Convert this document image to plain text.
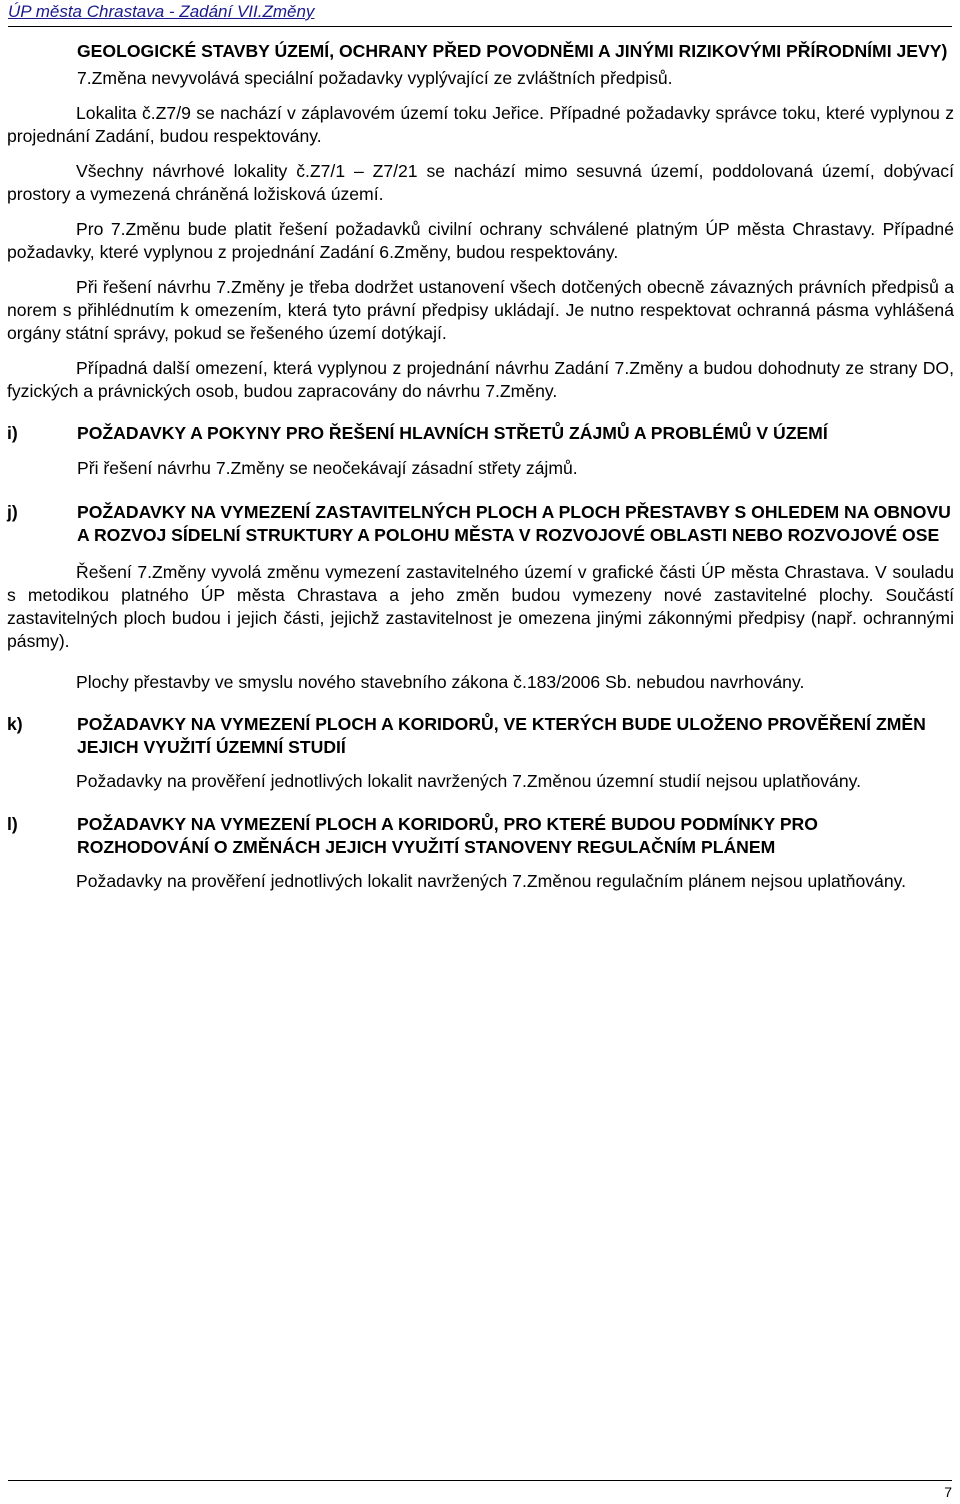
ÚP města Chrastava - Zadání VII.Změny
GEOLOGICKÉ STAVBY ÚZEMÍ, OCHRANY PŘED POVODNĚMI A JINÝMI RIZIKOVÝMI PŘÍRODNÍMI JEVY)

7.Změna nevyvolává speciální požadavky vyplývající ze zvláštních předpisů.

Lokalita č.Z7/9 se nachází v záplavovém území toku Jeřice. Případné požadavky správce toku, které vyplynou z projednání Zadání, budou respektovány.

Všechny návrhové lokality č.Z7/1 – Z7/21 se nachází mimo sesuvná území, poddolovaná území, dobývací prostory a vymezená chráněná ložisková území.

Pro 7.Změnu bude platit řešení požadavků civilní ochrany schválené platným ÚP města Chrastavy. Případné požadavky, které vyplynou z projednání Zadání 6.Změny, budou respektovány.

Při řešení návrhu 7.Změny je třeba dodržet ustanovení všech dotčených obecně závazných právních předpisů a norem s přihlédnutím k omezením, která tyto právní předpisy ukládají. Je nutno respektovat ochranná pásma vyhlášená orgány státní správy, pokud se řešeného území dotýkají.

Případná další omezení, která vyplynou z projednání návrhu Zadání 7.Změny a budou dohodnuty ze strany DO, fyzických a právnických osob, budou zapracovány do návrhu 7.Změny.

i)	POŽADAVKY A POKYNY PRO ŘEŠENÍ HLAVNÍCH STŘETŮ ZÁJMŮ A PROBLÉMŮ V ÚZEMÍ

Při řešení návrhu 7.Změny se neočekávají zásadní střety zájmů.

j)	POŽADAVKY NA VYMEZENÍ ZASTAVITELNÝCH PLOCH A PLOCH PŘESTAVBY S OHLEDEM NA OBNOVU A ROZVOJ SÍDELNÍ STRUKTURY A POLOHU MĚSTA V ROZVOJOVÉ OBLASTI NEBO ROZVOJOVÉ OSE

Řešení 7.Změny vyvolá změnu vymezení zastavitelného území v grafické části ÚP města Chrastava. V souladu s metodikou platného ÚP města Chrastava a jeho změn budou vymezeny nové zastavitelné plochy. Součástí zastavitelných ploch budou i jejich části, jejichž zastavitelnost je omezena jinými zákonnými předpisy (např. ochrannými pásmy).

Plochy přestavby ve smyslu nového stavebního zákona č.183/2006 Sb. nebudou navrhovány.

k)	POŽADAVKY NA VYMEZENÍ PLOCH A KORIDORŮ, VE KTERÝCH BUDE ULOŽENO PROVĚŘENÍ ZMĚN JEJICH VYUŽITÍ ÚZEMNÍ STUDIÍ

Požadavky na prověření jednotlivých lokalit navržených 7.Změnou územní studií nejsou uplatňovány.

l)	POŽADAVKY NA VYMEZENÍ PLOCH A KORIDORŮ, PRO KTERÉ BUDOU PODMÍNKY PRO ROZHODOVÁNÍ O ZMĚNÁCH JEJICH VYUŽITÍ STANOVENY REGULAČNÍM PLÁNEM

Požadavky na prověření jednotlivých lokalit navržených 7.Změnou regulačním plánem nejsou uplatňovány.

7
